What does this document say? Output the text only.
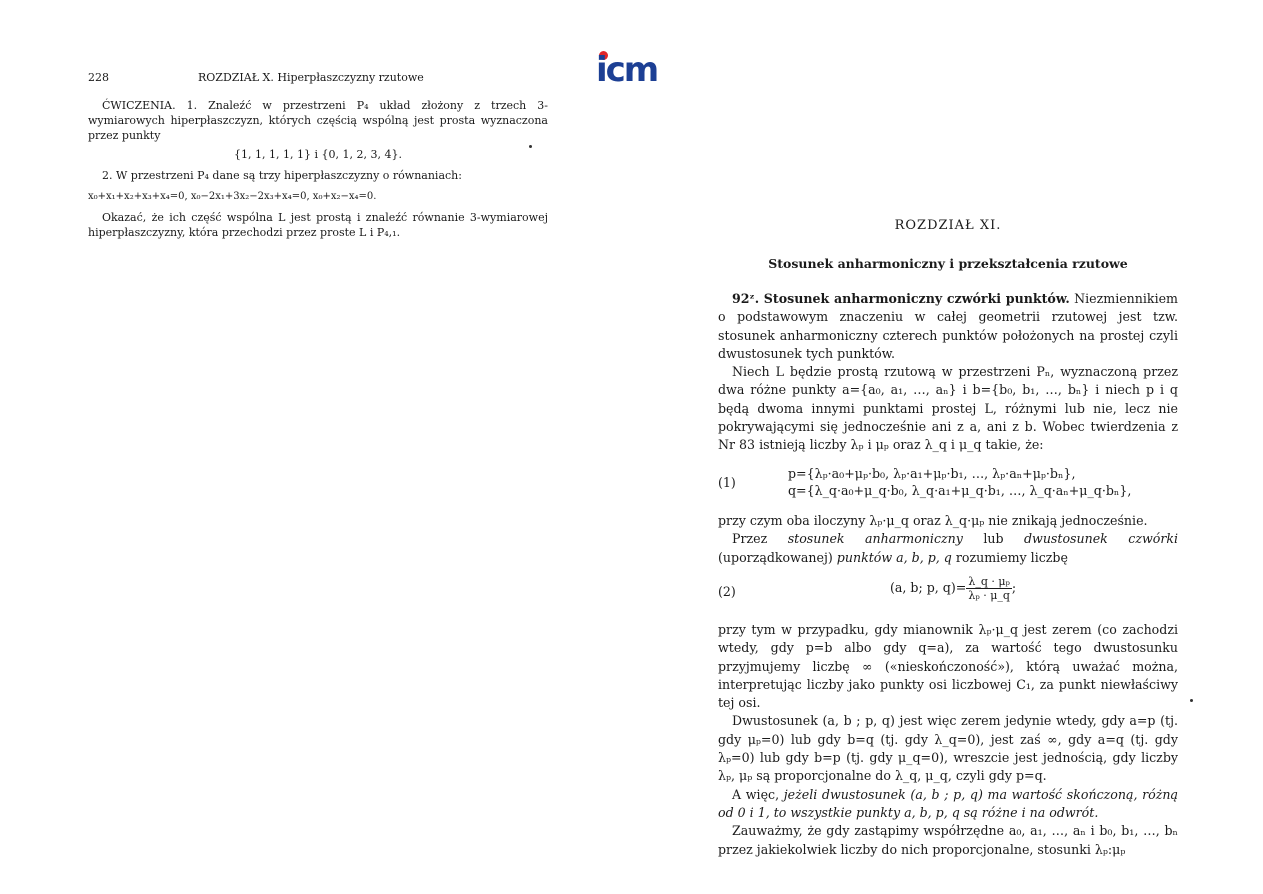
icm
228	ROZDZIAŁ X. Hiperpłaszczyzny rzutowe
ĆWICZENIA. 1. Znaleźć w przestrzeni P₄ układ złożony z trzech 3-wymiarowych hiperpłaszczyzn, których częścią wspólną jest prosta wyznaczona przez punkty
{1, 1, 1, 1, 1} i {0, 1, 2, 3, 4}.
2. W przestrzeni P₄ dane są trzy hiperpłaszczyzny o równaniach:
x₀+x₁+x₂+x₃+x₄=0, x₀−2x₁+3x₂−2x₃+x₄=0, x₀+x₂−x₄=0.
Okazać, że ich część wspólna L jest prostą i znaleźć równanie 3-wymiarowej hiperpłaszczyzny, która przechodzi przez proste L i P₄,₁.	ROZDZIAŁ XI.
Stosunek anharmoniczny i przekształcenia rzutowe
92ᶻ. Stosunek anharmoniczny czwórki punktów. Niezmiennikiem o podstawowym znaczeniu w całej geometrii rzutowej jest tzw. stosunek anharmoniczny czterech punktów położonych na prostej czyli dwustosunek tych punktów.
Niech L będzie prostą rzutową w przestrzeni Pₙ, wyznaczoną przez dwa różne punkty a={a₀, a₁, …, aₙ} i b={b₀, b₁, …, bₙ} i niech p i q będą dwoma innymi punktami prostej L, różnymi lub nie, lecz nie pokrywającymi się jednocześnie ani z a, ani z b. Wobec twierdzenia z Nr 83 istnieją liczby λₚ i μₚ oraz λ_q i μ_q takie, że:
(1)
p={λₚ·a₀+μₚ·b₀, λₚ·a₁+μₚ·b₁, …, λₚ·aₙ+μₚ·bₙ},
q={λ_q·a₀+μ_q·b₀, λ_q·a₁+μ_q·b₁, …, λ_q·aₙ+μ_q·bₙ},
przy czym oba iloczyny λₚ·μ_q oraz λ_q·μₚ nie znikają jednocześnie.
Przez stosunek anharmoniczny lub dwustosunek czwórki (uporządkowanej) punktów a, b, p, q rozumiemy liczbę
(2)	(a, b; p, $q)= \frac{\text{λ\_q · μₚ}}{\text{λₚ · μ\_q}}$ ;
przy tym w przypadku, gdy mianownik λₚ·μ_q jest zerem (co zachodzi wtedy, gdy p=b albo gdy q=a), za wartość tego dwustosunku przyjmujemy liczbę ∞ («nieskończoność»), którą uważać można, interpretując liczby jako punkty osi liczbowej C₁, za punkt niewłaściwy tej osi.
Dwustosunek (a, b ; p, q) jest więc zerem jedynie wtedy, gdy a=p (tj. gdy μₚ=0) lub gdy b=q (tj. gdy λ_q=0), jest zaś ∞, gdy a=q (tj. gdy λₚ=0) lub gdy b=p (tj. gdy μ_q=0), wreszcie jest jednością, gdy liczby λₚ, μₚ są proporcjonalne do λ_q, μ_q, czyli gdy p=q.
A więc, jeżeli dwustosunek (a, b ; p, q) ma wartość skończoną, różną od 0 i 1, to wszystkie punkty a, b, p, q są różne i na odwrót.
Zauważmy, że gdy zastąpimy współrzędne a₀, a₁, …, aₙ i b₀, b₁, …, bₙ przez jakiekolwiek liczby do nich proporcjonalne, stosunki λₚ:μₚ
